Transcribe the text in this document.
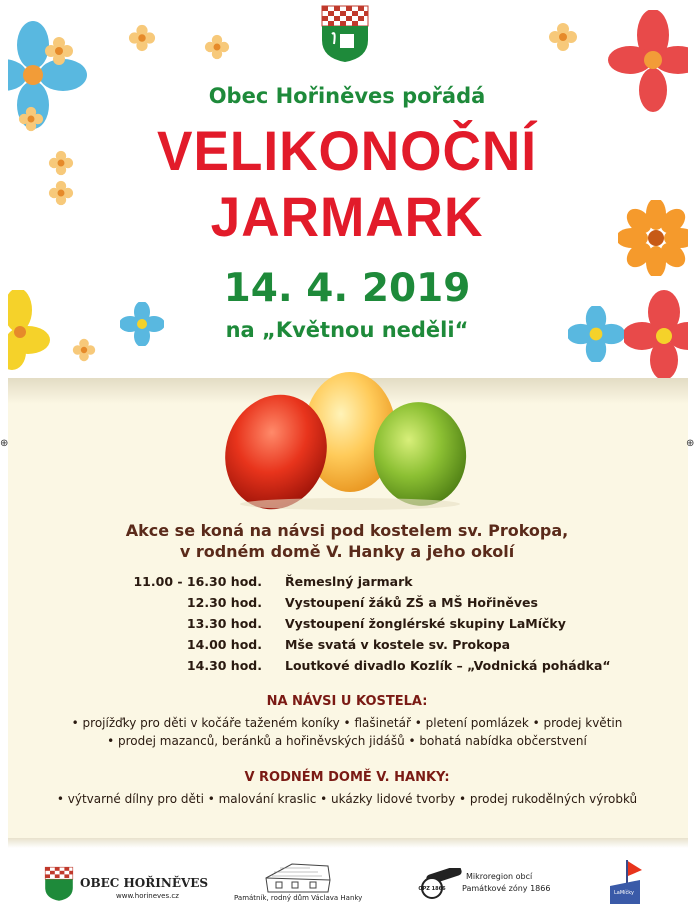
Obec Hořiněves pořádá
VELIKONOČNÍ
JARMARK
14. 4. 2019
na „Květnou neděli“
⊕	⊕
Akce se koná na návsi pod kostelem sv. Prokopa,
v rodném domě V. Hanky a jeho okolí
11.00 - 16.30 hod. Řemeslný jarmark
12.30 hod. Vystoupení žáků ZŠ a MŠ Hořiněves
13.30 hod. Vystoupení žonglérské skupiny LaMíčky
14.00 hod. Mše svatá v kostele sv. Prokopa
14.30 hod. Loutkové divadlo Kozlík – „Vodnická pohádka“
NA NÁVSI U KOSTELA:
• projížďky pro děti v kočáře taženém koníky • flašinetář • pletení pomlázek • prodej květin
• prodej mazanců, beránků a hořiněvských jidášů • bohatá nabídka občerstvení
V RODNÉM DOMĚ V. HANKY:
• výtvarné dílny pro děti • malování kraslic • ukázky lidové tvorby • prodej rukodělných výrobků
OBEC HOŘINĚVES
www.horineves.cz	Památník, rodný dům Václava Hanky
OPZ 1866
Mikroregion obcí
Památkové zóny 1866	LaMíčky
